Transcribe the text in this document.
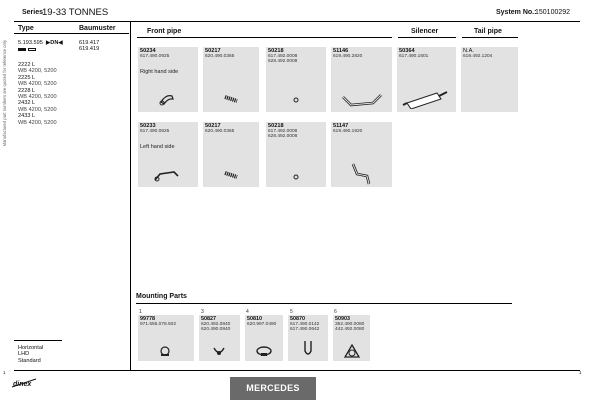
Series
19-33 TONNES	System No.:
150100292
Manufactured part numbers are quoted for reference only
Type	Baumuster
5.193.595 ▶DN◀	619.417
619.419
2222 L
WB 4200, 5200
2225 L
WB 4200, 5200
2228 L
WB 4200, 5200
2432 L
WB 4200, 5200
2433 L
WB 4200, 5200
Horizontal
LHD
Standard
Front pipe	Silencer	Tail pipe
50234
617.490.0925
Right hand side
50217
620.490.0365
50218
617.492.0008
628.492.0008
51146
619.490.2820
50364
617.490.1601
N.A.
619.492.1204
50233
617.490.0625
Left hand side
50217
620.490.0365
50218
617.492.0008
628.492.0008
51147
619.490.1920
Mounting Parts
1
99778
971.555.078.502
3
50827
620.492.0840
620.490.0840
4
50810
620.997.0490
5
50870
617.490.0142
617.490.0642
6
50903
362.490.0080
442.492.0080
1	1
dinex	MERCEDES
